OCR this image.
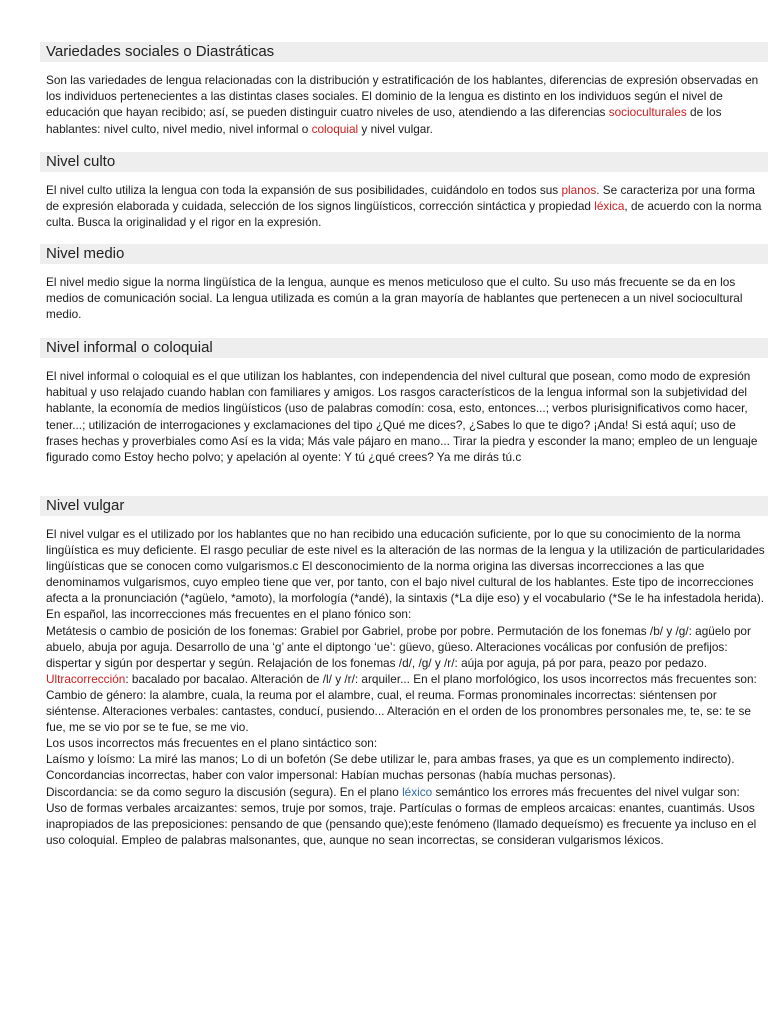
Variedades sociales o Diastráticas
Son las variedades de lengua relacionadas con la distribución y estratificación de los hablantes, diferencias de expresión observadas en los individuos pertenecientes a las distintas clases sociales. El dominio de la lengua es distinto en los individuos según el nivel de educación que hayan recibido; así, se pueden distinguir cuatro niveles de uso, atendiendo a las diferencias socioculturales de los hablantes: nivel culto, nivel medio, nivel informal o coloquial y nivel vulgar.
Nivel culto
El nivel culto utiliza la lengua con toda la expansión de sus posibilidades, cuidándolo en todos sus planos. Se caracteriza por una forma de expresión elaborada y cuidada, selección de los signos lingüísticos, corrección sintáctica y propiedad léxica, de acuerdo con la norma culta. Busca la originalidad y el rigor en la expresión.
Nivel medio
El nivel medio sigue la norma lingüística de la lengua, aunque es menos meticuloso que el culto. Su uso más frecuente se da en los medios de comunicación social. La lengua utilizada es común a la gran mayoría de hablantes que pertenecen a un nivel sociocultural medio.
Nivel informal o coloquial
El nivel informal o coloquial es el que utilizan los hablantes, con independencia del nivel cultural que posean, como modo de expresión habitual y uso relajado cuando hablan con familiares y amigos. Los rasgos característicos de la lengua informal son la subjetividad del hablante, la economía de medios lingüísticos (uso de palabras comodín: cosa, esto, entonces...; verbos plurisignificativos como hacer, tener...; utilización de interrogaciones y exclamaciones del tipo ¿Qué me dices?, ¿Sabes lo que te digo? ¡Anda! Si está aquí; uso de frases hechas y proverbiales como Así es la vida; Más vale pájaro en mano... Tirar la piedra y esconder la mano; empleo de un lenguaje figurado como Estoy hecho polvo; y apelación al oyente: Y tú ¿qué crees? Ya me dirás tú.c
Nivel vulgar
El nivel vulgar es el utilizado por los hablantes que no han recibido una educación suficiente, por lo que su conocimiento de la norma lingüística es muy deficiente. El rasgo peculiar de este nivel es la alteración de las normas de la lengua y la utilización de particularidades lingüísticas que se conocen como vulgarismos.c El desconocimiento de la norma origina las diversas incorrecciones a las que denominamos vulgarismos, cuyo empleo tiene que ver, por tanto, con el bajo nivel cultural de los hablantes. Este tipo de incorrecciones afecta a la pronunciación (*agüelo, *amoto), la morfología (*andé), la sintaxis (*La dije eso) y el vocabulario (*Se le ha infestadola herida).
En español, las incorrecciones más frecuentes en el plano fónico son:
Metátesis o cambio de posición de los fonemas: Grabiel por Gabriel, probe por pobre. Permutación de los fonemas /b/ y /g/: agüelo por abuelo, abuja por aguja. Desarrollo de una ‘g’ ante el diptongo ‘ue’: güevo, güeso. Alteraciones vocálicas por confusión de prefijos: dispertar y sigún por despertar y según. Relajación de los fonemas /d/, /g/ y /r/: aúja por aguja, pá por para, peazo por pedazo. Ultracorrección: bacalado por bacalao. Alteración de /l/ y /r/: arquiler... En el plano morfológico, los usos incorrectos más frecuentes son:
Cambio de género: la alambre, cuala, la reuma por el alambre, cual, el reuma. Formas pronominales incorrectas: siéntensen por siéntense. Alteraciones verbales: cantastes, conducí, pusiendo... Alteración en el orden de los pronombres personales me, te, se: te se fue, me se vio por se te fue, se me vio.
Los usos incorrectos más frecuentes en el plano sintáctico son:
Laísmo y loísmo: La miré las manos; Lo di un bofetón (Se debe utilizar le, para ambas frases, ya que es un complemento indirecto). Concordancias incorrectas, haber con valor impersonal: Habían muchas personas (había muchas personas).
Discordancia: se da como seguro la discusión (segura). En el plano léxico semántico los errores más frecuentes del nivel vulgar son:
Uso de formas verbales arcaizantes: semos, truje por somos, traje. Partículas o formas de empleos arcaicas: enantes, cuantimás. Usos inapropiados de las preposiciones: pensando de que (pensando que);este fenómeno (llamado dequeísmo) es frecuente ya incluso en el uso coloquial. Empleo de palabras malsonantes, que, aunque no sean incorrectas, se consideran vulgarismos léxicos.
